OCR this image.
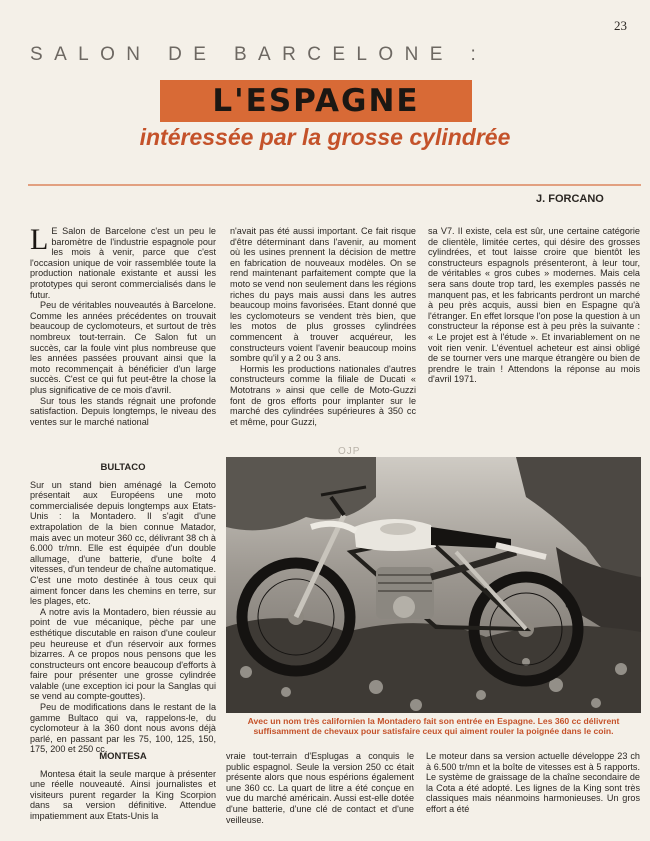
23
SALON DE BARCELONE :
L'ESPAGNE
intéressée par la grosse cylindrée
J. FORCANO

L E Salon de Barcelone c'est un peu le baromètre de l'industrie espagnole pour les mois à venir, parce que c'est l'occasion unique de voir rassemblée toute la production nationale existante et aussi les prototypes qui seront commercialisés dans le futur.

Peu de véritables nouveautés à Barcelone. Comme les années précédentes on trouvait beaucoup de cyclomoteurs, et surtout de très nombreux tout-terrain. Ce Salon fut un succès, car la foule vint plus nombreuse que les années passées prouvant ainsi que la moto recommençait à bénéficier d'un large succès. C'est ce qui fut peut-être la chose la plus significative de ce mois d'avril.

Sur tous les stands régnait une profonde satisfaction. Depuis longtemps, le niveau des ventes sur le marché national

n'avait pas été aussi important. Ce fait risque d'être déterminant dans l'avenir, au moment où les usines prennent la décision de mettre en fabrication de nouveaux modèles. On se rend maintenant parfaitement compte que la moto se vend non seulement dans les régions riches du pays mais aussi dans les autres beaucoup moins favorisées. Etant donné que les cyclomoteurs se vendent très bien, que les motos de plus grosses cylindrées commencent à trouver acquéreur, les constructeurs voient l'avenir beaucoup moins sombre qu'il y a 2 ou 3 ans.

Hormis les productions nationales d'autres constructeurs comme la filiale de Ducati « Mototrans » ainsi que celle de Moto-Guzzi font de gros efforts pour implanter sur le marché des cylindrées supérieures à 350 cc et même, pour Guzzi,

sa V7. Il existe, cela est sûr, une certaine catégorie de clientèle, limitée certes, qui désire des grosses cylindrées, et tout laisse croire que bientôt les constructeurs espagnols présenteront, à leur tour, de véritables « gros cubes » modernes. Mais cela sera sans doute trop tard, les exemples passés ne manquent pas, et les fabricants perdront un marché à peu près acquis, aussi bien en Espagne qu'à l'étranger. En effet lorsque l'on pose la question à un constructeur la réponse est à peu près la suivante : « Le projet est à l'étude ». Et invariablement on ne voit rien venir. L'éventuel acheteur est ainsi obligé de se tourner vers une marque étrangère ou bien de prendre le train ! Attendons la réponse au mois d'avril 1971.

OJP
BULTACO

Sur un stand bien aménagé la Cemoto présentait aux Européens une moto commercialisée depuis longtemps aux Etats-Unis : la Montadero. Il s'agit d'une extrapolation de la bien connue Matador, mais avec un moteur 360 cc, délivrant 38 ch à 6.000 tr/mn. Elle est équipée d'un double allumage, d'une batterie, d'une boîte 4 vitesses, d'un tendeur de chaîne automatique. C'est une moto destinée à tous ceux qui aiment foncer dans les chemins en terre, sur les plages, etc.

A notre avis la Montadero, bien réussie au point de vue mécanique, pèche par une esthétique discutable en raison d'une couleur peu heureuse et d'un réservoir aux formes bizarres. A ce propos nous pensons que les constructeurs ont encore beaucoup d'efforts à faire pour présenter une grosse cylindrée valable (une exception ici pour la Sanglas qui se vend au compte-gouttes).

Peu de modifications dans le restant de la gamme Bultaco qui va, rappelons-le, du cyclomoteur à la 360 dont nous avons déjà parlé, en passant par les 75, 100, 125, 150, 175, 200 et 250 cc.

Avec un nom très californien la Montadero fait son entrée en Espagne. Les 360 cc délivrent suffisamment de chevaux pour satisfaire ceux qui aiment rouler la poignée dans le coin.
MONTESA

Montesa était la seule marque à présenter une réelle nouveauté. Ainsi journalistes et visiteurs purent regarder la King Scorpion dans sa version définitive. Attendue impatiemment aux Etats-Unis la

vraie tout-terrain d'Esplugas a conquis le public espagnol. Seule la version 250 cc était présente alors que nous espérions également une 360 cc. La quart de litre a été conçue en vue du marché américain. Aussi est-elle dotée d'une batterie, d'une clé de contact et d'une veilleuse.

Le moteur dans sa version actuelle développe 23 ch à 6.500 tr/mn et la boîte de vitesses est à 5 rapports. Le système de graissage de la chaîne secondaire de la Cota a été adopté. Les lignes de la King sont très classiques mais néanmoins harmonieuses. Un gros effort a été
